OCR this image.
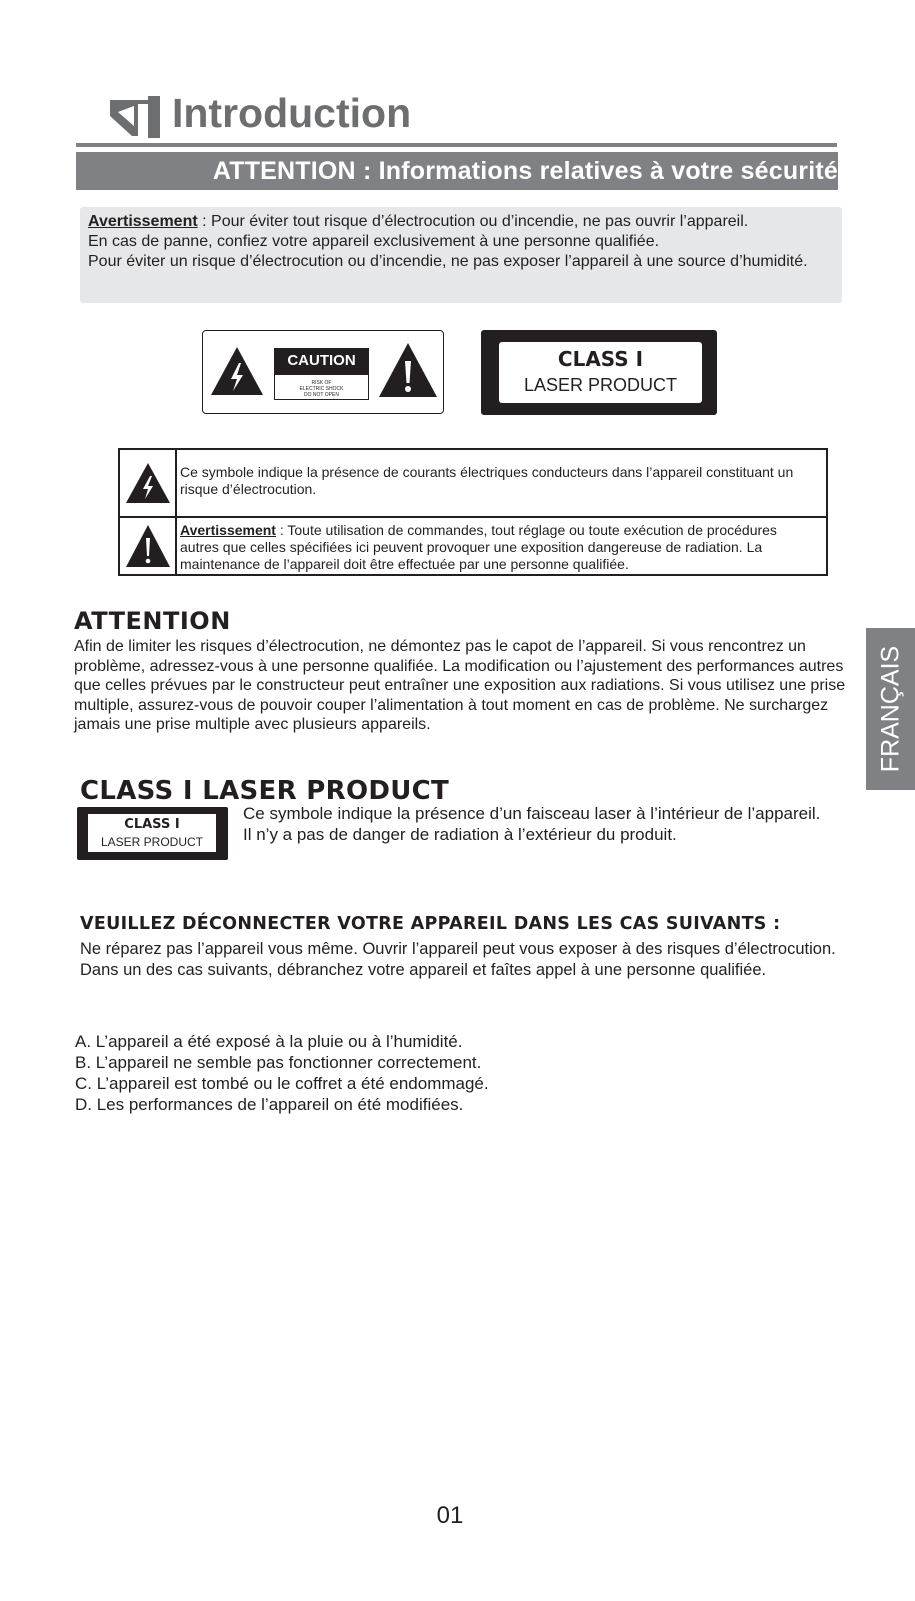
Introduction
ATTENTION : Informations relatives à votre sécurité
Avertissement : Pour éviter tout risque d’électrocution ou d’incendie, ne pas ouvrir l’appareil.
En cas de panne, confiez votre appareil exclusivement à une personne qualifiée.
Pour éviter un risque d’électrocution ou d’incendie, ne pas exposer l’appareil à une source d’humidité.
CAUTION
RISK OF
ELECTRIC SHOCK
DO NOT OPEN
CLASS I
LASER PRODUCT
Ce symbole indique la présence de courants électriques conducteurs dans l’appareil constituant un risque d’électrocution.
Avertissement : Toute utilisation de commandes, tout réglage ou toute exécution de procédures autres que celles spécifiées ici peuvent provoquer une exposition dangereuse de radiation. La maintenance de l’appareil doit être effectuée par une personne qualifiée.
ATTENTION
Afin de limiter les risques d’électrocution, ne démontez pas le capot de l’appareil. Si vous rencontrez un problème, adressez-vous à une personne qualifiée. La modification ou l’ajustement des performances autres que celles prévues par le constructeur peut entraîner une exposition aux radiations. Si vous utilisez une prise multiple, assurez-vous de pouvoir couper l’alimentation à tout moment en cas de problème. Ne surchargez jamais une prise multiple avec plusieurs appareils.
CLASS I LASER PRODUCT
CLASS I
LASER PRODUCT
Ce symbole indique la présence d’un faisceau laser à l’intérieur de l’appareil. Il n’y a pas de danger de radiation à l’extérieur du produit.
VEUILLEZ DÉCONNECTER VOTRE APPAREIL DANS LES CAS SUIVANTS :
Ne réparez pas l’appareil vous même. Ouvrir l’appareil peut vous exposer à des risques d’électrocution.
Dans un des cas suivants, débranchez votre appareil et faîtes appel à une personne qualifiée.
A. L’appareil a été exposé à la pluie ou à l’humidité.
B. L’appareil ne semble pas fonctionner correctement.
C. L’appareil est tombé ou le coffret a été endommagé.
D. Les performances de l’appareil on été modifiées.
FRANÇAIS
01
